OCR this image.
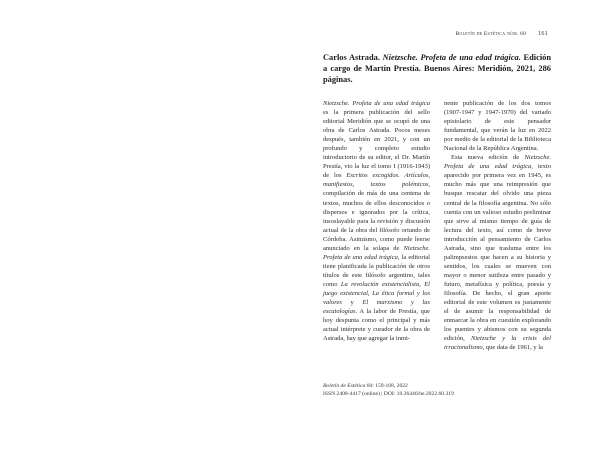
Boletín de Estética núm. 60 161
Carlos Astrada. Nietzsche. Profeta de una edad trágica. Edición a cargo de Martín Prestía. Buenos Aires: Meridión, 2021, 286 páginas.

Nietzsche. Profeta de una edad trágica es la primera publicación del sello editorial Meridión que se ocupó de una obra de Carlos Astrada. Pocos meses después, también en 2021, y con un profundo y completo estudio introductorio de su editor, el Dr. Martín Prestía, vio la luz el tomo I (1916-1943) de los Escritos escogidos. Artículos, manifiestos, textos polémicos, compilación de más de una centena de textos, muchos de ellos desconocidos o dispersos e ignorados por la crítica, insoslayable para la revisión y discusión actual de la obra del filósofo oriundo de Córdoba. Asimismo, como puede leerse anunciado en la solapa de Nietzsche. Profeta de una edad trágica, la editorial tiene planificada la publicación de otros títulos de este filósofo argentino, tales como La revolución existencialista, El juego existencial, La ética formal y los valores y El marxismo y las escatologías. A la labor de Prestía, que hoy despunta como el principal y más actual intérprete y curador de la obra de Astrada, hay que agregar la inmi-

nente publicación de los dos tomos (1907-1947 y 1947-1970) del variado epistolario de este pensador fundamental, que verán la luz en 2022 por medio de la editorial de la Biblioteca Nacional de la República Argentina.

Esta nueva edición de Nietzsche. Profeta de una edad trágica, texto aparecido por primera vez en 1945, es mucho más que una reimpresión que busque rescatar del olvido una pieza central de la filosofía argentina. No sólo cuenta con un valioso estudio preliminar que sirve al mismo tiempo de guía de lectura del texto, así como de breve introducción al pensamiento de Carlos Astrada, sino que trasluma entre los palimpsestos que hacen a su historia y sentidos, los cuales se mueven con mayor o menor sutileza entre pasado y futuro, metafísica y política, poesía y filosofía. De hecho, el gran aporte editorial de este volumen es justamente el de asumir la responsabilidad de enmarcar la obra en cuestión explorando los puentes y abismos con su segunda edición, Nietzsche y la crisis del irracionalismo, que data de 1961, y la

Boletín de Estética 60: 159-168, 2022
ISSN 2408-4417 (online) | DOI: 10.36446/be.2022.60.319
